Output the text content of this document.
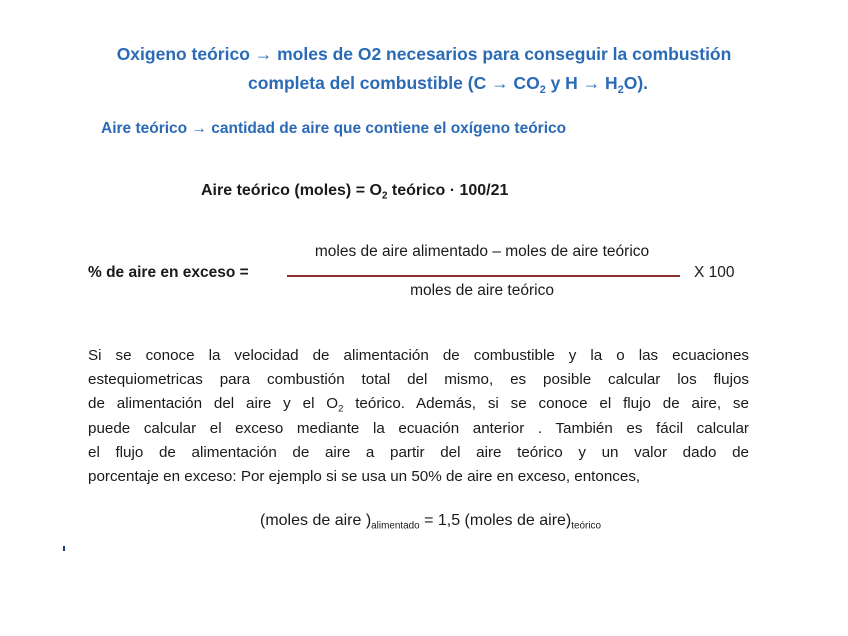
Oxigeno teórico → moles de O2 necesarios para conseguir la combustión
completa del combustible ($C \to CO_2$ y $H \to H_2O$).
Aire teórico → cantidad de aire que contiene el oxígeno teórico
Aire teórico (moles) = $O_2$ teórico · 100/21
% de aire en exceso =
moles de aire alimentado – moles de aire teórico
moles de aire teórico
X 100
Si se conoce la velocidad de alimentación de combustible y la o las ecuaciones
estequiometricas para combustión total del mismo, es posible calcular los flujos
de alimentación del aire y el $O_2$ teórico. Además, si se conoce el flujo de aire, se
puede calcular el exceso mediante la ecuación anterior . También es fácil calcular
el flujo de alimentación de aire a partir del aire teórico y un valor dado de
porcentaje en exceso: Por ejemplo si se usa un 50% de aire en exceso, entonces,
(moles de aire )$_{alimentado} = 1,5$ (moles de $aire)_{teórico}$
